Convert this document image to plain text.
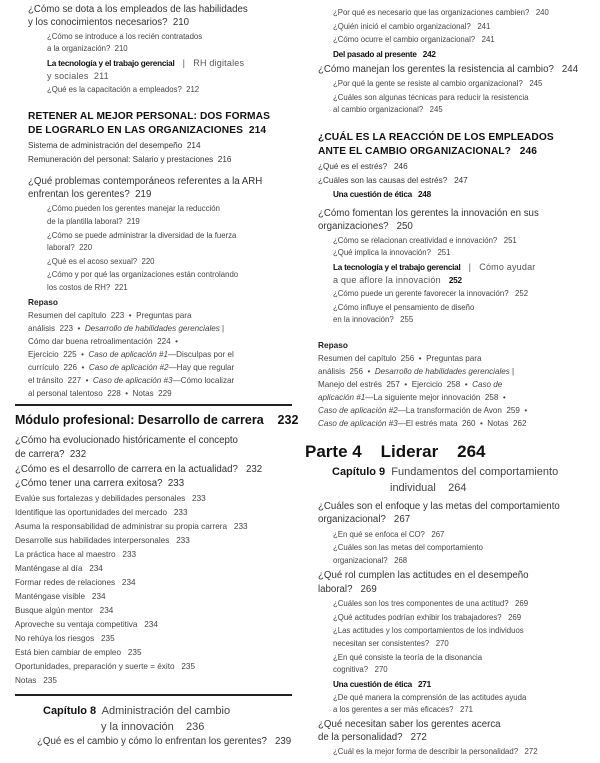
¿Cómo se dota a los empleados de las habilidades
y los conocimientos necesarios?  210
¿Cómo se introduce a los recién contratados
a la organización?  210
La tecnología y el trabajo gerencial   |   RH digitales
y sociales  211
¿Qué es la capacitación a empleados?  212
RETENER AL MEJOR PERSONAL: DOS FORMAS
DE LOGRARLO EN LAS ORGANIZACIONES  214
Sistema de administración del desempeño  214
Remuneración del personal: Salario y prestaciones  216
¿Qué problemas contemporáneos referentes a la ARH
enfrentan los gerentes?  219
¿Cómo pueden los gerentes manejar la reducción
de la plantilla laboral?  219
¿Cómo se puede administrar la diversidad de la fuerza
laboral?  220
¿Qué es el acoso sexual?  220
¿Cómo y por qué las organizaciones están controlando
los costos de RH?  221
Repaso
Resumen del capítulo  223  •  Preguntas para
análisis  223  •  Desarrollo de habilidades gerenciales |
Cómo dar buena retroalimentación  224  •
Ejercicio  225  •  Caso de aplicación #1—Disculpas por el
currículo  226  •  Caso de aplicación #2—Hay que regular
el tránsito  227  •  Caso de aplicación #3—Cómo localizar
al personal talentoso  228  •  Notas  229
Módulo profesional: Desarrollo de carrera    232
¿Cómo ha evolucionado históricamente el concepto
de carrera?  232
¿Cómo es el desarrollo de carrera en la actualidad?   232
¿Cómo tener una carrera exitosa?  233
Evalúe sus fortalezas y debilidades personales   233
Identifique las oportunidades del mercado   233
Asuma la responsabilidad de administrar su propia carrera   233
Desarrolle sus habilidades interpersonales   233
La práctica hace al maestro   233
Manténgase al día   234
Formar redes de relaciones   234
Manténgase visible   234
Busque algún mentor   234
Aproveche su ventaja competitiva   234
No rehúya los riesgos   235
Está bien cambiar de empleo   235
Oportunidades, preparación y suerte = éxito   235
Notas   235
Capítulo 8  Administración del cambio
y la innovación    236
¿Qué es el cambio y cómo lo enfrentan los gerentes?   239
¿Por qué es necesario que las organizaciones cambien?   240
¿Quién inició el cambio organizacional?   241
¿Cómo ocurre el cambio organizacional?   241
Del pasado al presente   242
¿Cómo manejan los gerentes la resistencia al cambio?   244
¿Por qué la gente se resiste al cambio organizacional?   245
¿Cuáles son algunas técnicas para reducir la resistencia
al cambio organizacional?   245
¿CUÁL ES LA REACCIÓN DE LOS EMPLEADOS
ANTE EL CAMBIO ORGANIZACIONAL?   246
¿Qué es el estrés?   246
¿Cuáles son las causas del estrés?   247
Una cuestión de ética   248
¿Cómo fomentan los gerentes la innovación en sus
organizaciones?   250
¿Cómo se relacionan creatividad e innovación?   251
¿Qué implica la innovación?   251
La tecnología y el trabajo gerencial   |   Cómo ayudar
a que aflore la innovación   252
¿Cómo puede un gerente favorecer la innovación?   252
¿Cómo influye el pensamiento de diseño
en la innovación?   255
Repaso
Resumen del capítulo  256  •  Preguntas para
análisis  256  •  Desarrollo de habilidades gerenciales |
Manejo del estrés  257  •  Ejercicio  258  •  Caso de
aplicación #1—La siguiente mejor innovación  258  •
Caso de aplicación #2—La transformación de Avon  259  •
Caso de aplicación #3—El estrés mata  260  •  Notas  262
Parte 4    Liderar    264
Capítulo 9  Fundamentos del comportamiento
individual    264
¿Cuáles son el enfoque y las metas del comportamiento
organizacional?   267
¿En qué se enfoca el CO?   267
¿Cuáles son las metas del comportamiento
organizacional?   268
¿Qué rol cumplen las actitudes en el desempeño
laboral?   269
¿Cuáles son los tres componentes de una actitud?   269
¿Qué actitudes podrían exhibir los trabajadores?   269
¿Las actitudes y los comportamientos de los individuos
necesitan ser consistentes?   270
¿En qué consiste la teoría de la disonancia
cognitiva?   270
Una cuestión de ética   271
¿De qué manera la comprensión de las actitudes ayuda
a los gerentes a ser más eficaces?   271
¿Qué necesitan saber los gerentes acerca
de la personalidad?   272
¿Cuál es la mejor forma de describir la personalidad?   272
